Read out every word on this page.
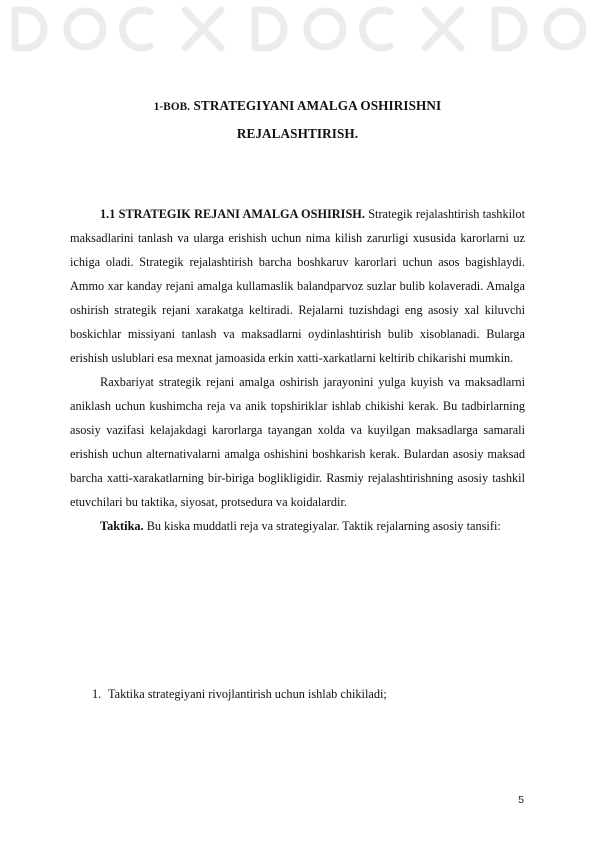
1-BOB. STRATEGIYANI AMALGA OSHIRISHNI
REJALASHTIRISH.

1.1 STRATEGIK REJANI AMALGA OSHIRISH. Strategik rejalashtirish tashkilot maksadlarini tanlash va ularga erishish uchun nima kilish zarurligi xususida karorlarni uz ichiga oladi. Strategik rejalashtirish barcha boshkaruv karorlari uchun asos bagishlaydi. Ammo xar kanday rejani amalga kullamaslik balandparvoz suzlar bulib kolaveradi. Amalga oshirish strategik rejani xarakatga keltiradi. Rejalarni tuzishdagi eng asosiy xal kiluvchi boskichlar missiyani tanlash va maksadlarni oydinlashtirish bulib xisoblanadi. Bularga erishish uslublari esa mexnat jamoasida erkin xatti-xarkatlarni keltirib chikarishi mumkin.

Raxbariyat strategik rejani amalga oshirish jarayonini yulga kuyish va maksadlarni aniklash uchun kushimcha reja va anik topshiriklar ishlab chikishi kerak. Bu tadbirlarning asosiy vazifasi kelajakdagi karorlarga tayangan xolda va kuyilgan maksadlarga samarali erishish uchun alternativalarni amalga oshishini boshkarish kerak. Bulardan asosiy maksad barcha xatti-xarakatlarning bir-biriga boglikligidir. Rasmiy rejalashtirishning asosiy tashkil etuvchilari bu taktika, siyosat, protsedura va koidalardir.

Taktika. Bu kiska muddatli reja va strategiyalar. Taktik rejalarning asosiy tansifi:

1. Taktika strategiyani rivojlantirish uchun ishlab chikiladi;
5
